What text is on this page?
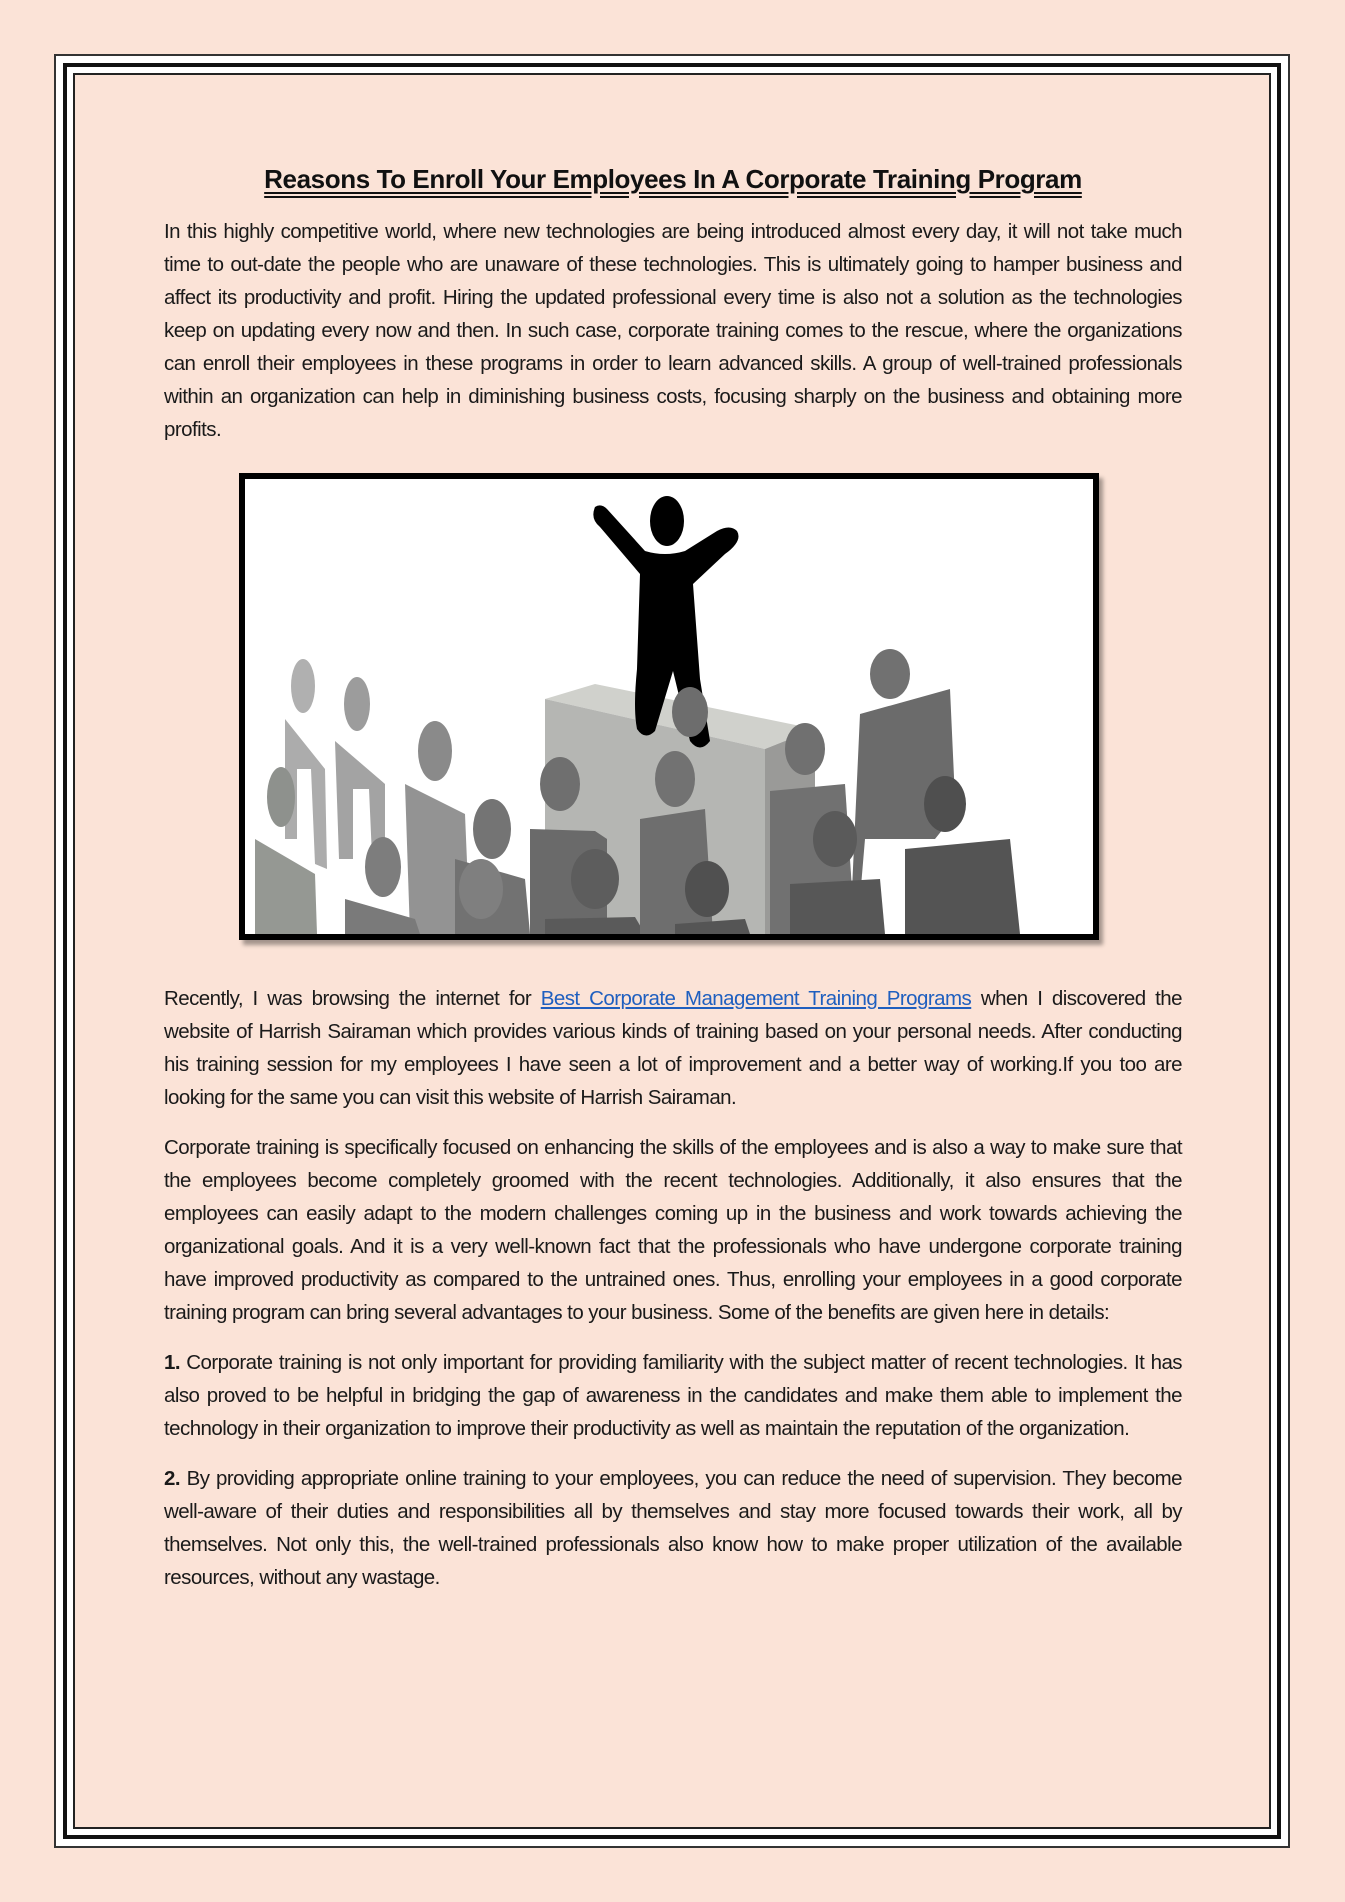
Reasons To Enroll Your Employees In A Corporate Training Program

In this highly competitive world, where new technologies are being introduced almost every day, it will not take much time to out-date the people who are unaware of these technologies. This is ultimately going to hamper business and affect its productivity and profit. Hiring the updated professional every time is also not a solution as the technologies keep on updating every now and then. In such case, corporate training comes to the rescue, where the organizations can enroll their employees in these programs in order to learn advanced skills. A group of well-trained professionals within an organization can help in diminishing business costs, focusing sharply on the business and obtaining more profits.

Recently, I was browsing the internet for Best Corporate Management Training Programs when I discovered the website of Harrish Sairaman which provides various kinds of training based on your personal needs. After conducting his training session for my employees I have seen a lot of improvement and a better way of working.If you too are looking for the same you can visit this website of Harrish Sairaman.

Corporate training is specifically focused on enhancing the skills of the employees and is also a way to make sure that the employees become completely groomed with the recent technologies. Additionally, it also ensures that the employees can easily adapt to the modern challenges coming up in the business and work towards achieving the organizational goals. And it is a very well-known fact that the professionals who have undergone corporate training have improved productivity as compared to the untrained ones. Thus, enrolling your employees in a good corporate training program can bring several advantages to your business. Some of the benefits are given here in details:

1. Corporate training is not only important for providing familiarity with the subject matter of recent technologies. It has also proved to be helpful in bridging the gap of awareness in the candidates and make them able to implement the technology in their organization to improve their productivity as well as maintain the reputation of the organization.

2. By providing appropriate online training to your employees, you can reduce the need of supervision. They become well-aware of their duties and responsibilities all by themselves and stay more focused towards their work, all by themselves. Not only this, the well-trained professionals also know how to make proper utilization of the available resources, without any wastage.
